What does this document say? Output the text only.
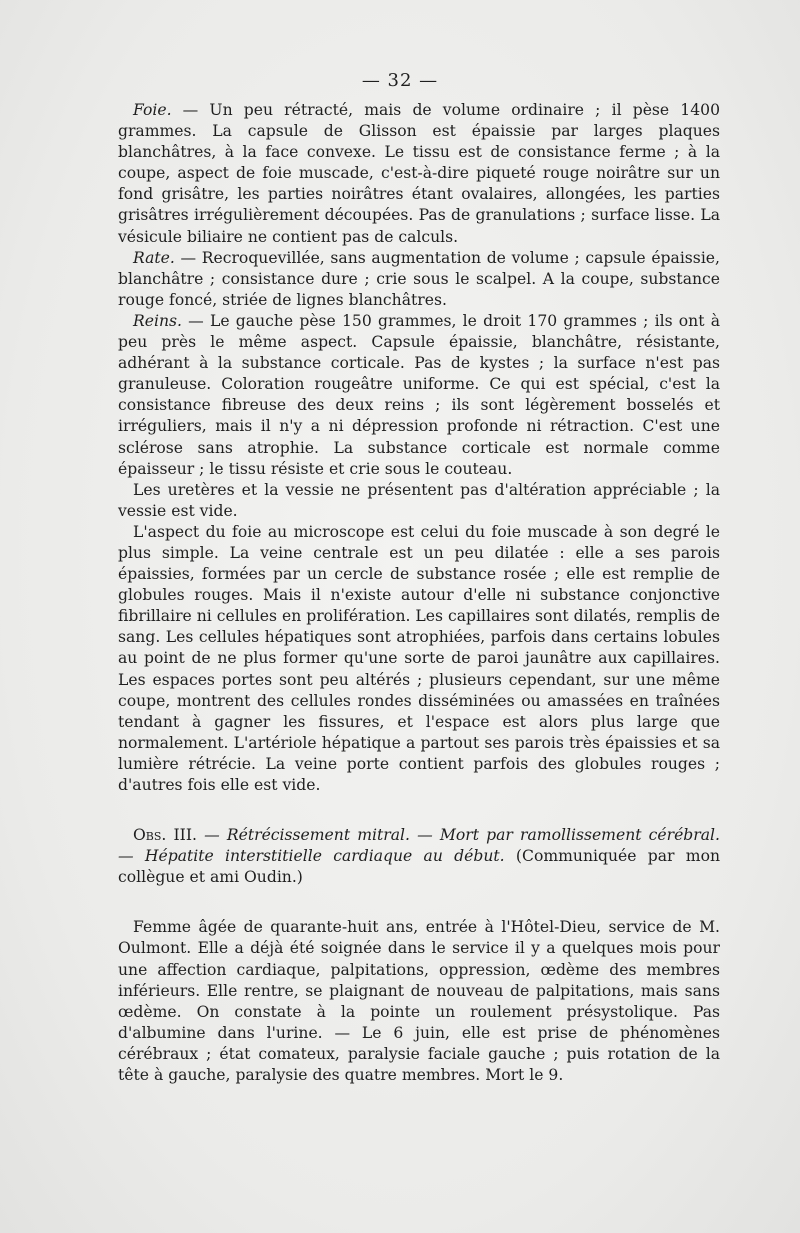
— 32 —

Foie. — Un peu rétracté, mais de volume ordinaire ; il pèse 1400 grammes. La capsule de Glisson est épaissie par larges plaques blanchâtres, à la face convexe. Le tissu est de consistance ferme ; à la coupe, aspect de foie muscade, c'est-à-dire piqueté rouge noirâtre sur un fond grisâtre, les parties noirâtres étant ovalaires, allongées, les parties grisâtres irrégulièrement découpées. Pas de granulations ; surface lisse. La vésicule biliaire ne contient pas de calculs.

Rate. — Recroquevillée, sans augmentation de volume ; capsule épaissie, blanchâtre ; consistance dure ; crie sous le scalpel. A la coupe, substance rouge foncé, striée de lignes blanchâtres.

Reins. — Le gauche pèse 150 grammes, le droit 170 grammes ; ils ont à peu près le même aspect. Capsule épaissie, blanchâtre, résistante, adhérant à la substance corticale. Pas de kystes ; la surface n'est pas granuleuse. Coloration rougeâtre uniforme. Ce qui est spécial, c'est la consistance fibreuse des deux reins ; ils sont légèrement bosselés et irréguliers, mais il n'y a ni dépression profonde ni rétraction. C'est une sclérose sans atrophie. La substance corticale est normale comme épaisseur ; le tissu résiste et crie sous le couteau.

Les uretères et la vessie ne présentent pas d'altération appréciable ; la vessie est vide.

L'aspect du foie au microscope est celui du foie muscade à son degré le plus simple. La veine centrale est un peu dilatée : elle a ses parois épaissies, formées par un cercle de substance rosée ; elle est remplie de globules rouges. Mais il n'existe autour d'elle ni substance conjonctive fibrillaire ni cellules en prolifération. Les capillaires sont dilatés, remplis de sang. Les cellules hépatiques sont atrophiées, parfois dans certains lobules au point de ne plus former qu'une sorte de paroi jaunâtre aux capillaires. Les espaces portes sont peu altérés ; plusieurs cependant, sur une même coupe, montrent des cellules rondes disséminées ou amassées en traînées tendant à gagner les fissures, et l'espace est alors plus large que normalement. L'artériole hépatique a partout ses parois très épaissies et sa lumière rétrécie. La veine porte contient parfois des globules rouges ; d'autres fois elle est vide.

Obs. III. — Rétrécissement mitral. — Mort par ramollissement cérébral. — Hépatite interstitielle cardiaque au début. (Communiquée par mon collègue et ami Oudin.)

Femme âgée de quarante-huit ans, entrée à l'Hôtel-Dieu, service de M. Oulmont. Elle a déjà été soignée dans le service il y a quelques mois pour une affection cardiaque, palpitations, oppression, œdème des membres inférieurs. Elle rentre, se plaignant de nouveau de palpitations, mais sans œdème. On constate à la pointe un roulement présystolique. Pas d'albumine dans l'urine. — Le 6 juin, elle est prise de phénomènes cérébraux ; état comateux, paralysie faciale gauche ; puis rotation de la tête à gauche, paralysie des quatre membres. Mort le 9.
